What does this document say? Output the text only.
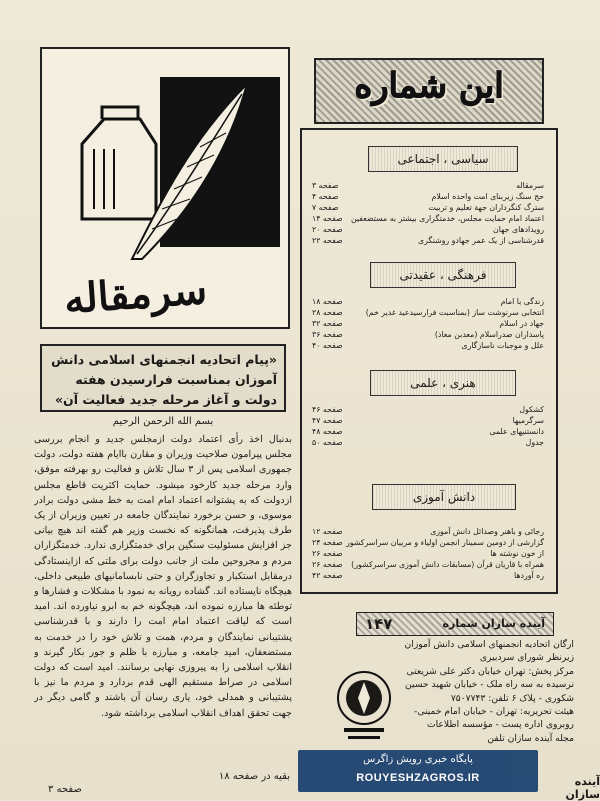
سرمقاله
«پیام اتحادیه انجمنهای اسلامی دانش آموزان بمناسبت فرارسیدن هفته دولت و آغاز مرحله جدید فعالیت آن»
بسم الله الرحمن الرحیم
بدنبال اخذ رأی اعتماد دولت ازمجلس جدید و انجام بررسی مجلس پیرامون صلاحیت وزیران و مقارن باایام هفته دولت، دولت جمهوری اسلامی پس از ۳ سال تلاش و فعالیت رو بهرفته موفق، وارد مرحله جدید کارخود میشود. حمایت اکثریت قاطع مجلس ازدولت که به پشتوانه اعتماد امام امت به خط مشی دولت برادر موسوی، و حسن برخورد نمایندگان جامعه در تعیین وزیران از یک طرف پذیرفت، همانگونه که نخست وزیر هم گفته اند هیچ بیانی جز افزایش مسئولیت سنگین برای خدمتگزاری ندارد. خدمتگزاران مردم و مجروحین ملت از جانب دولت برای ملتی که ازاینستادگی درمقابل استکبار و تجاوزگران و حتی نابسامانیهای طبیعی داخلی، هیچگاه نایستاده اند. گشاده رویانه به نمود با مشکلات و فشارها و توطئه ها مبارزه نموده اند، هیچگونه خم به ابرو نیاورده اند. امید است که لیاقت اعتماد امام امت را دارند و با قدرشناسی پشتیبانی نمایندگان و مردم، همت و تلاش خود را در خدمت به مستضعفان، امید جامعه، و مبارزه با ظلم و جور بکار گیرند و انقلاب اسلامی را به پیروزی نهایی برسانند. امید است که دولت اسلامی در صراط مستقیم الهی قدم بردارد و مردم ما نیز با پشتیبانی و همدلی خود، یاری رسان آن باشند و گامی دیگر در جهت تحقق اهداف انقلاب اسلامی برداشته شود.
بقیه در صفحه ۱۸
صفحه ۳
این شماره
سیاسی ، اجتماعی
سرمقاله
صفحه ۳
حج سنگ زیربنای امت واحده اسلام
صفحه ۴
سترگ کنگرداران جهة تعلیم و تربیت
صفحه ۷
اعتماد امام حمایت مجلس، خدمتگزاری بیشتر به مستضعفین
صفحه ۱۴
رویدادهای جهان
صفحه ۲۰
قدرشناسی از یک عمر جهادو روشنگری
صفحه ۲۲
فرهنگی ، عقیدتی
زندگی با امام
صفحه ۱۸
انتخابی سرنوشت ساز (بمناسبت فرارسیدعید غدیر خم)
صفحه ۲۸
جهاد در اسلام
صفحه ۳۲
پاسداران صدراسلام (معدبن معاذ)
صفحه ۳۶
علل و موجبات ناسازگاری
صفحه ۴۰
هنری ، علمی
کشکول
صفحه ۴۶
سرگرمیها
صفحه ۴۷
دانستنیهای علمی
صفحه ۴۸
جدول
صفحه ۵۰
دانش آموزی
رجائی و باهنر وصدائل دانش آموزی
صفحه ۱۲
گزارشی از دومین سمینار انجمن اولیاء و مربیان سراسرکشور
صفحه ۲۴
از خون نوشته ها
صفحه ۲۶
همراه با قاریان قرآن (مسابقات دانش آموزی سراسرکشور)
صفحه ۲۶
ره آوردها
صفحه ۴۲
آینده سازان شماره
۱۴۷
ارگان اتحادیه انجمنهای اسلامی دانش آموزان
زیرنظر شورای سردبیری
مرکز پخش: تهران خیابان دکتر علی شریعتی
نرسیده به سه راه ملک - خیابان شهید حسین
شکوری - پلاک ۶ تلفن: ۷۵۰۷۷۴۳
هیئت تحریریه: تهران - خیابان امام خمینی-
روبروی اداره پست - مؤسسه اطلاعات
مجله آینده سازان تلفن
پایگاه خبری رویش زاگرس
ROUYESHZAGROS.IR	آینده سازان
